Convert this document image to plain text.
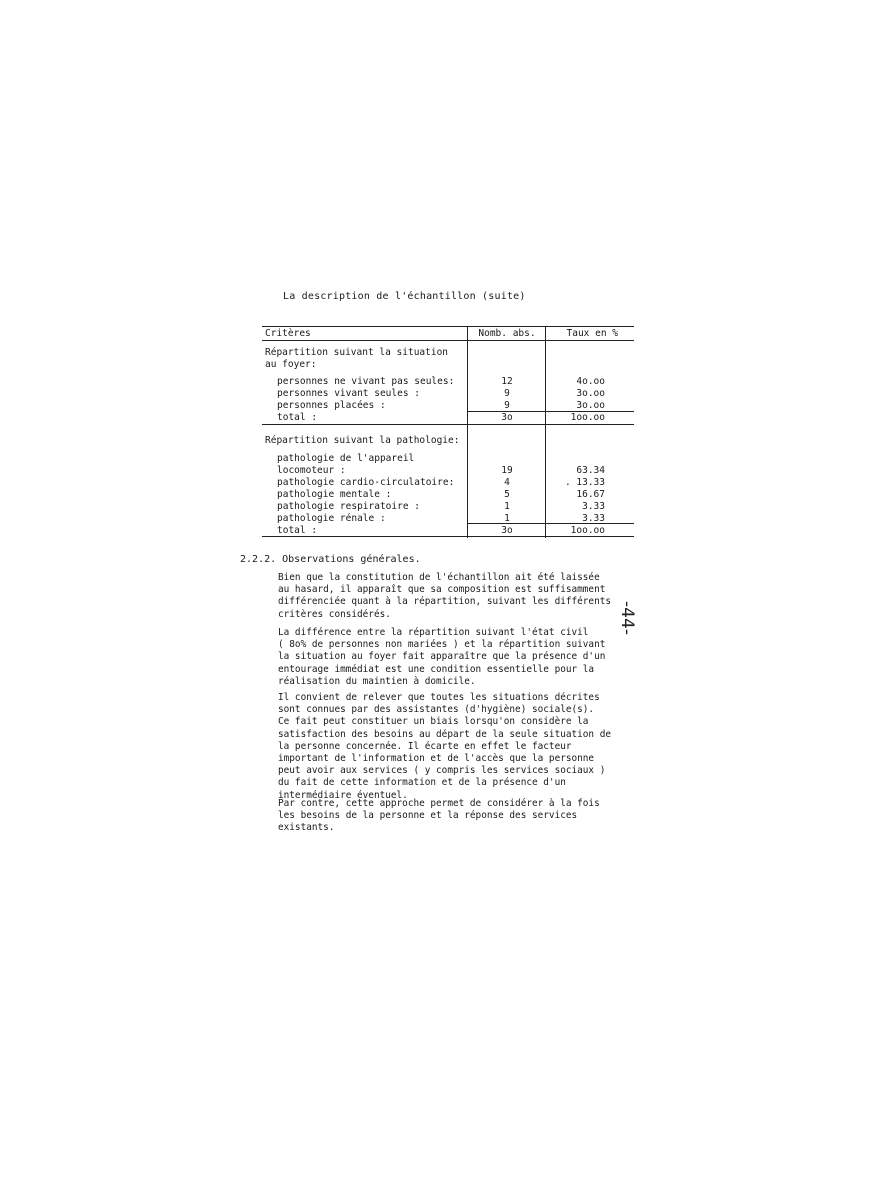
La description de l'échantillon (suite)
Critères	Nomb. abs.	Taux en %
Répartition suivant la situation
au foyer:
personnes ne vivant pas seules:	12	4o.oo
personnes vivant seules :	9	3o.oo
personnes placées :	9	3o.oo
total :	3o	1oo.oo
Répartition suivant la pathologie:
pathologie de l'appareil
locomoteur :	19	63.34
pathologie cardio-circulatoire:	4	. 13.33
pathologie mentale :	5	16.67
pathologie respiratoire :	1	3.33
pathologie rénale :	1	3.33
total :	3o	1oo.oo
2.2.2. Observations générales.
Bien que la constitution de l'échantillon ait été laissée
au hasard, il apparaît que sa composition est suffisamment
différenciée quant à la répartition, suivant les différents
critères considérés.
La différence entre la répartition suivant l'état civil
( 8o% de personnes non mariées ) et la répartition suivant
la situation au foyer fait apparaître que la présence d'un
entourage immédiat est une condition essentielle pour la
réalisation du maintien à domicile.
Il convient de relever que toutes les situations décrites
sont connues par des assistantes (d'hygiène) sociale(s).
Ce fait peut constituer un biais lorsqu'on considère la
satisfaction des besoins au départ de la seule situation de
la personne concernée. Il écarte en effet le facteur
important de l'information et de l'accès que la personne
peut avoir aux services ( y compris les services sociaux )
du fait de cette information et de la présence d'un
intermédiaire éventuel.
Par contre, cette approche permet de considérer à la fois
les besoins de la personne et la réponse des services
existants.
-44-
